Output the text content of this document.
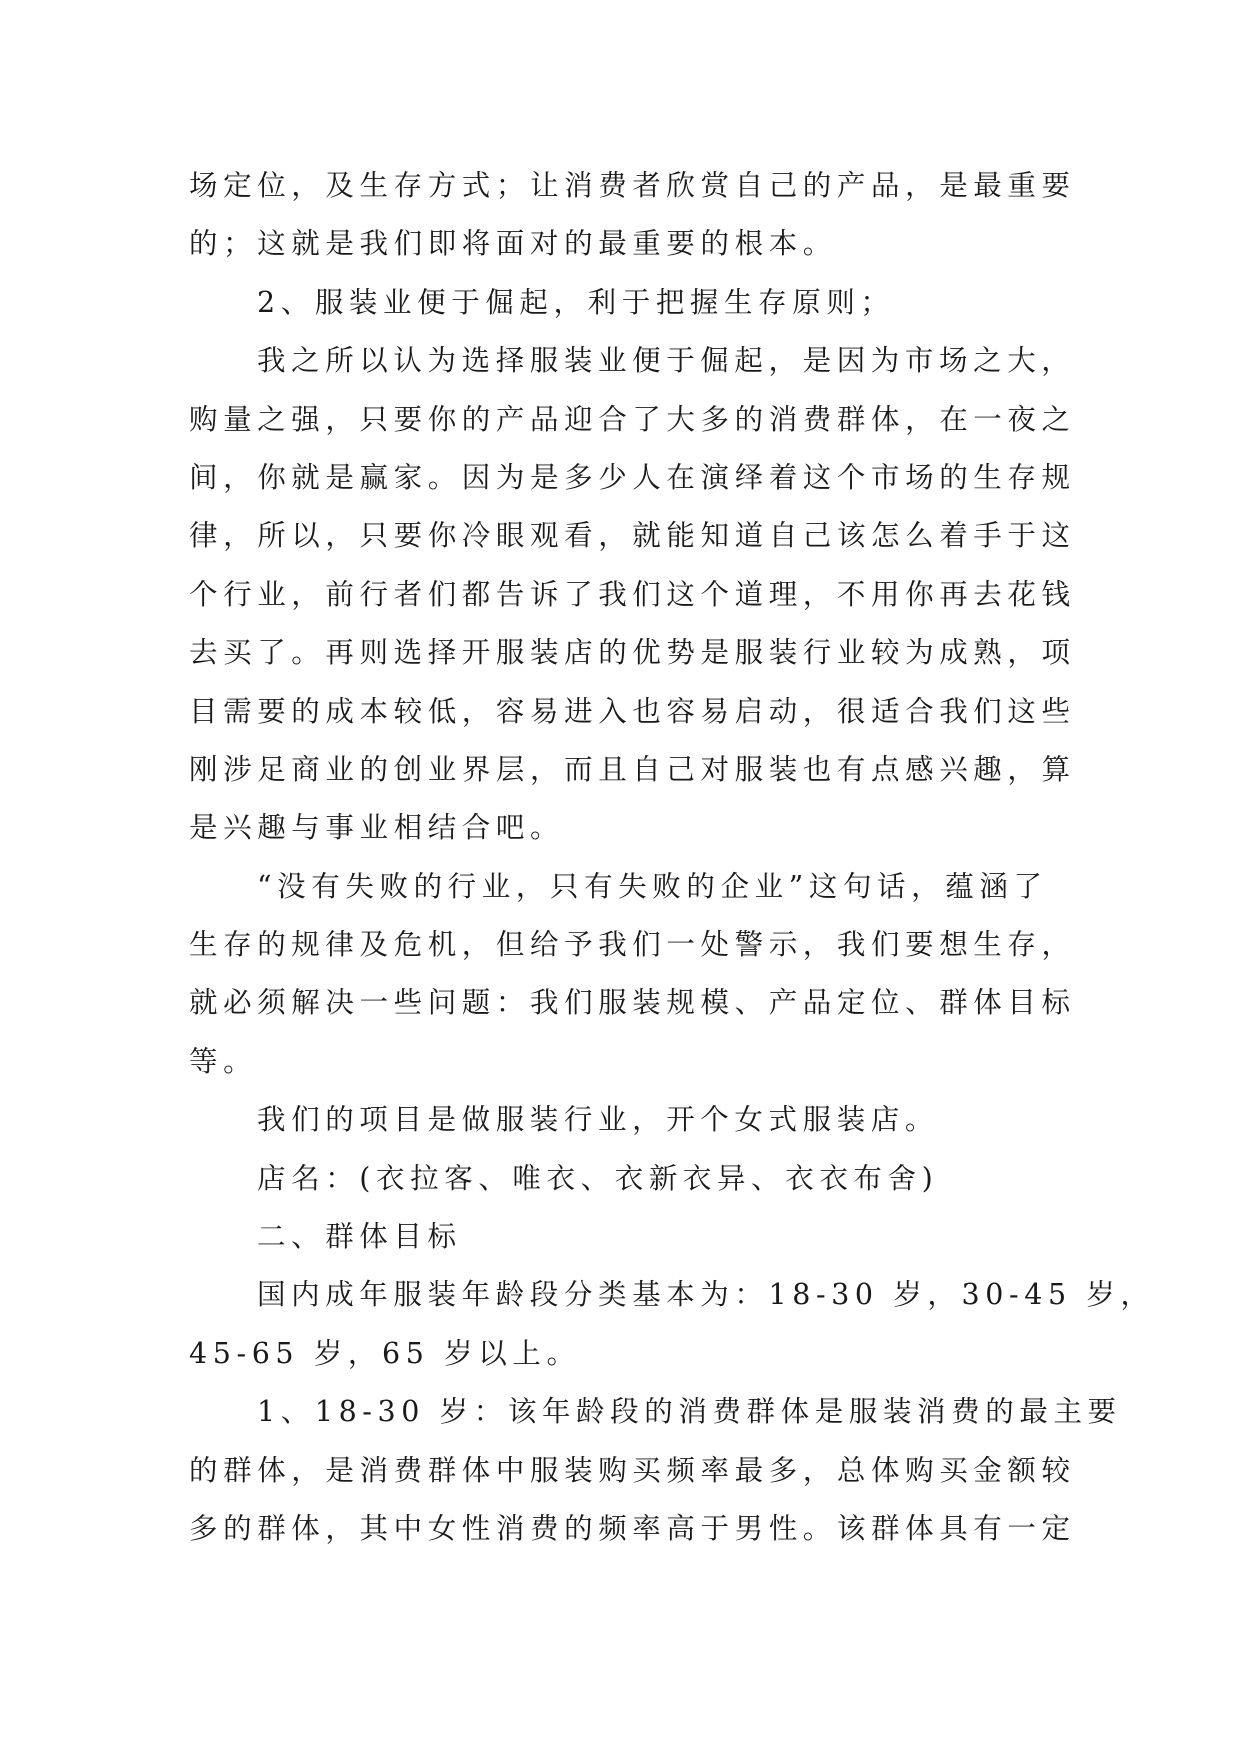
场定位，及生存方式；让消费者欣赏自己的产品，是最重要
的；这就是我们即将面对的最重要的根本。
2、服装业便于倔起，利于把握生存原则；
我之所以认为选择服装业便于倔起，是因为市场之大，
购量之强，只要你的产品迎合了大多的消费群体，在一夜之
间，你就是赢家。因为是多少人在演绎着这个市场的生存规
律，所以，只要你冷眼观看，就能知道自己该怎么着手于这
个行业，前行者们都告诉了我们这个道理，不用你再去花钱
去买了。再则选择开服装店的优势是服装行业较为成熟，项
目需要的成本较低，容易进入也容易启动，很适合我们这些
刚涉足商业的创业界层，而且自己对服装也有点感兴趣，算
是兴趣与事业相结合吧。
“没有失败的行业，只有失败的企业”这句话，蕴涵了
生存的规律及危机，但给予我们一处警示，我们要想生存，
就必须解决一些问题：我们服装规模、产品定位、群体目标
等。
我们的项目是做服装行业，开个女式服装店。
店名：(衣拉客、唯衣、衣新衣异、衣衣布舍)
二、群体目标
国内成年服装年龄段分类基本为：18-30 岁，30-45 岁，
45-65 岁，65 岁以上。
1、18-30 岁：该年龄段的消费群体是服装消费的最主要
的群体，是消费群体中服装购买频率最多，总体购买金额较
多的群体，其中女性消费的频率高于男性。该群体具有一定
